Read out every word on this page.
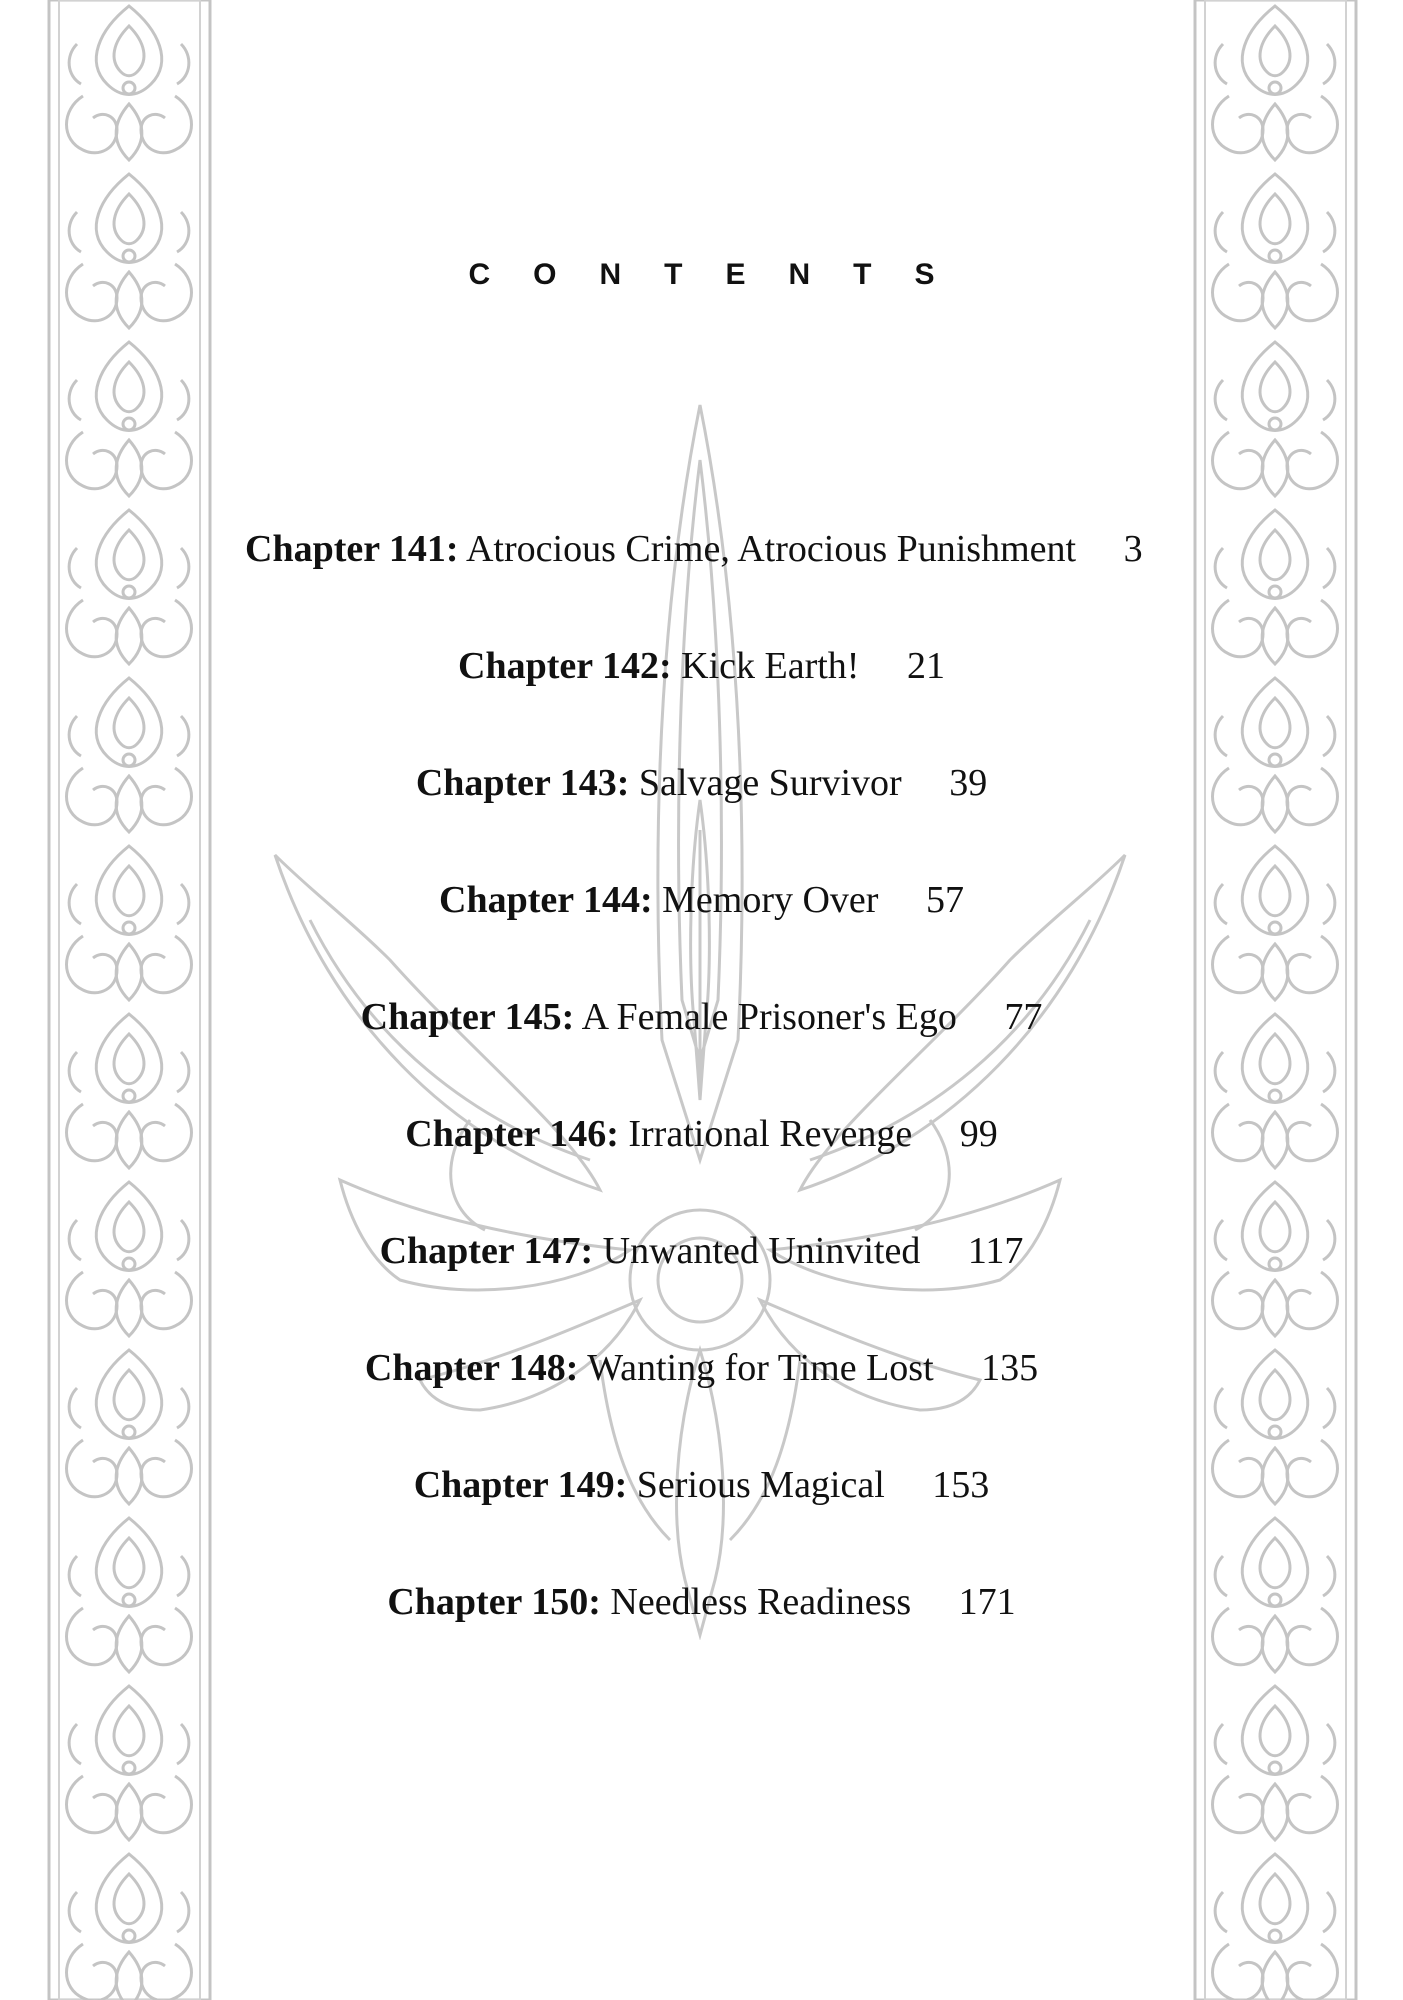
CONTENTS
Chapter 141: Atrocious Crime, Atrocious Punishment 3
Chapter 142: Kick Earth! 21
Chapter 143: Salvage Survivor 39
Chapter 144: Memory Over 57
Chapter 145: A Female Prisoner's Ego 77
Chapter 146: Irrational Revenge 99
Chapter 147: Unwanted Uninvited 117
Chapter 148: Wanting for Time Lost 135
Chapter 149: Serious Magical 153
Chapter 150: Needless Readiness 171
